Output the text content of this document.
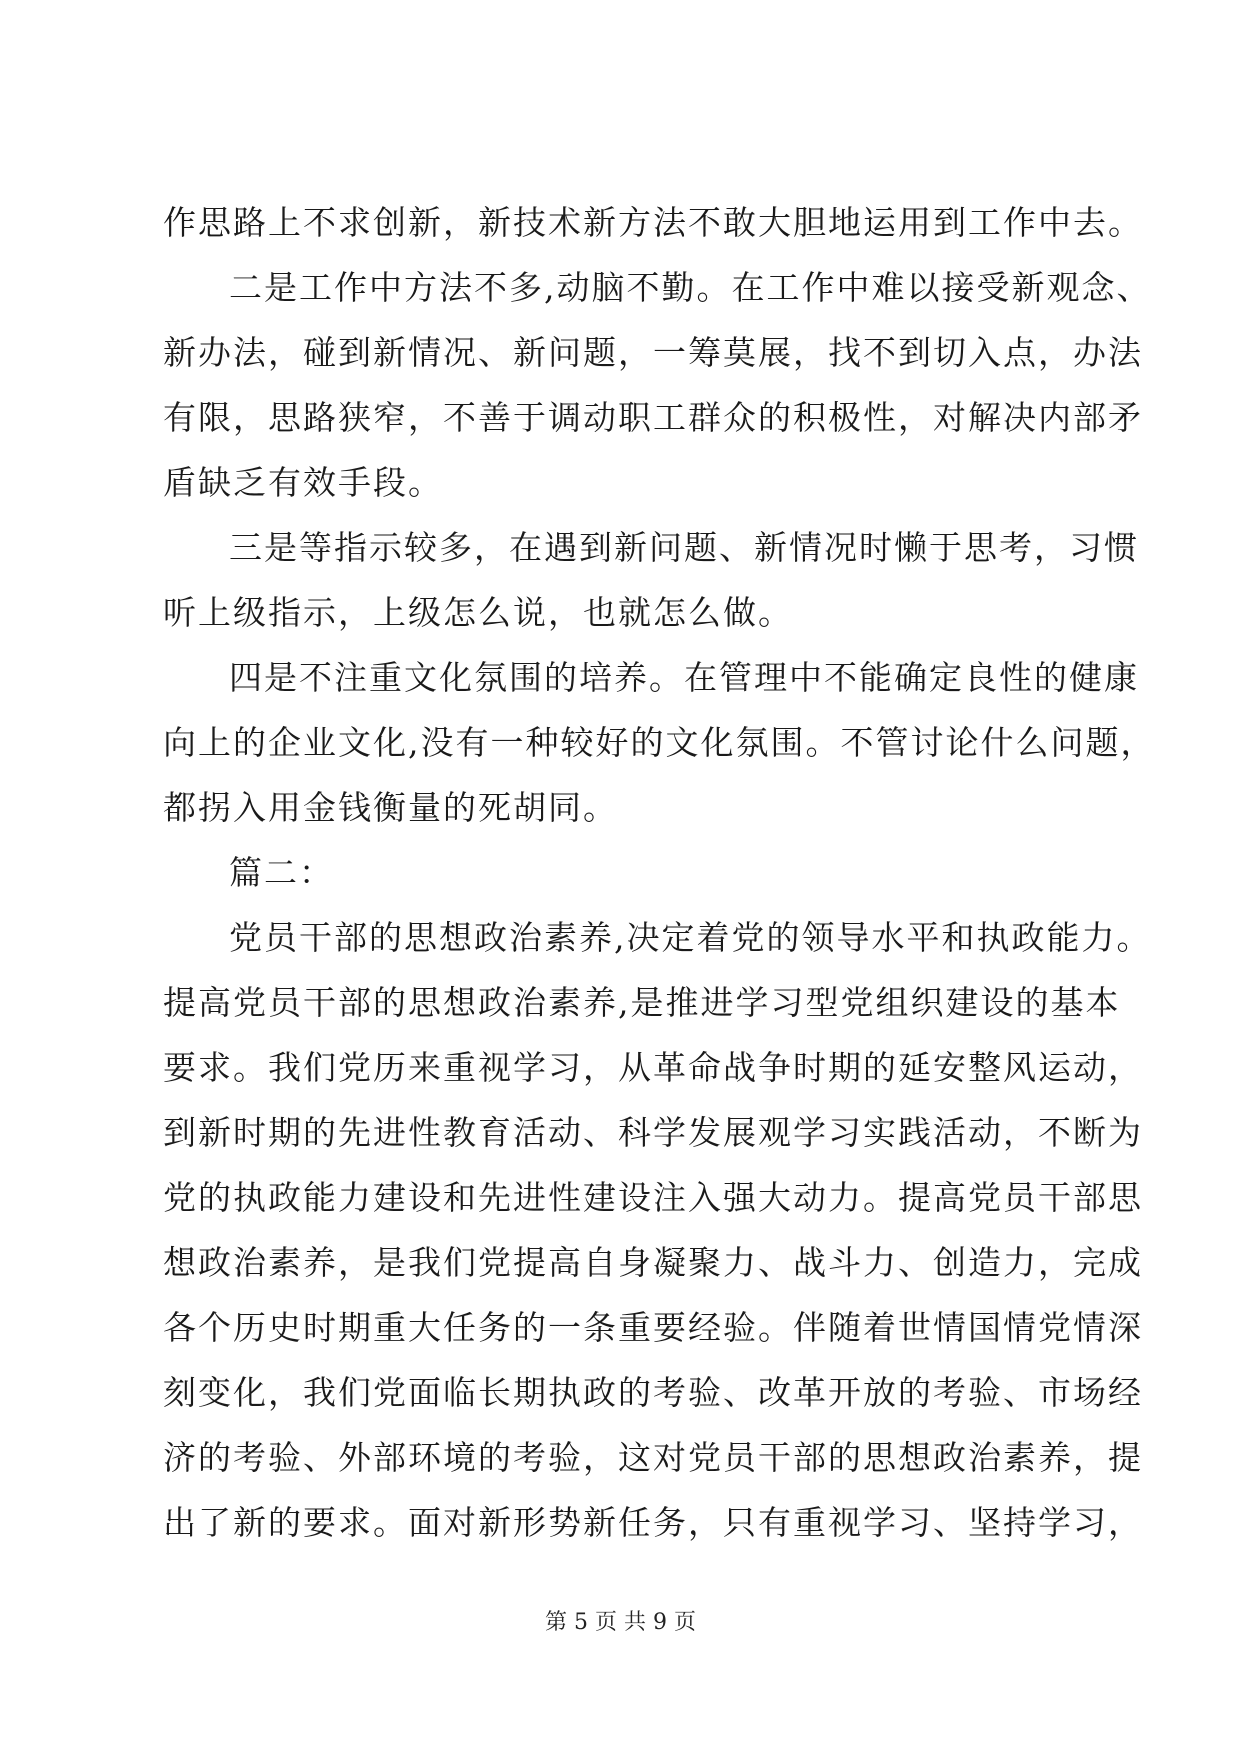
作思路上不求创新，新技术新方法不敢大胆地运用到工作中去。
二是工作中方法不多,动脑不勤。在工作中难以接受新观念、
新办法，碰到新情况、新问题，一筹莫展，找不到切入点，办法
有限，思路狭窄，不善于调动职工群众的积极性，对解决内部矛
盾缺乏有效手段。
三是等指示较多，在遇到新问题、新情况时懒于思考，习惯
听上级指示，上级怎么说，也就怎么做。
四是不注重文化氛围的培养。在管理中不能确定良性的健康
向上的企业文化,没有一种较好的文化氛围。不管讨论什么问题，
都拐入用金钱衡量的死胡同。
篇二：
党员干部的思想政治素养,决定着党的领导水平和执政能力。
提高党员干部的思想政治素养,是推进学习型党组织建设的基本
要求。我们党历来重视学习，从革命战争时期的延安整风运动，
到新时期的先进性教育活动、科学发展观学习实践活动，不断为
党的执政能力建设和先进性建设注入强大动力。提高党员干部思
想政治素养，是我们党提高自身凝聚力、战斗力、创造力，完成
各个历史时期重大任务的一条重要经验。伴随着世情国情党情深
刻变化，我们党面临长期执政的考验、改革开放的考验、市场经
济的考验、外部环境的考验，这对党员干部的思想政治素养，提
出了新的要求。面对新形势新任务，只有重视学习、坚持学习，
第 5 页 共 9 页
